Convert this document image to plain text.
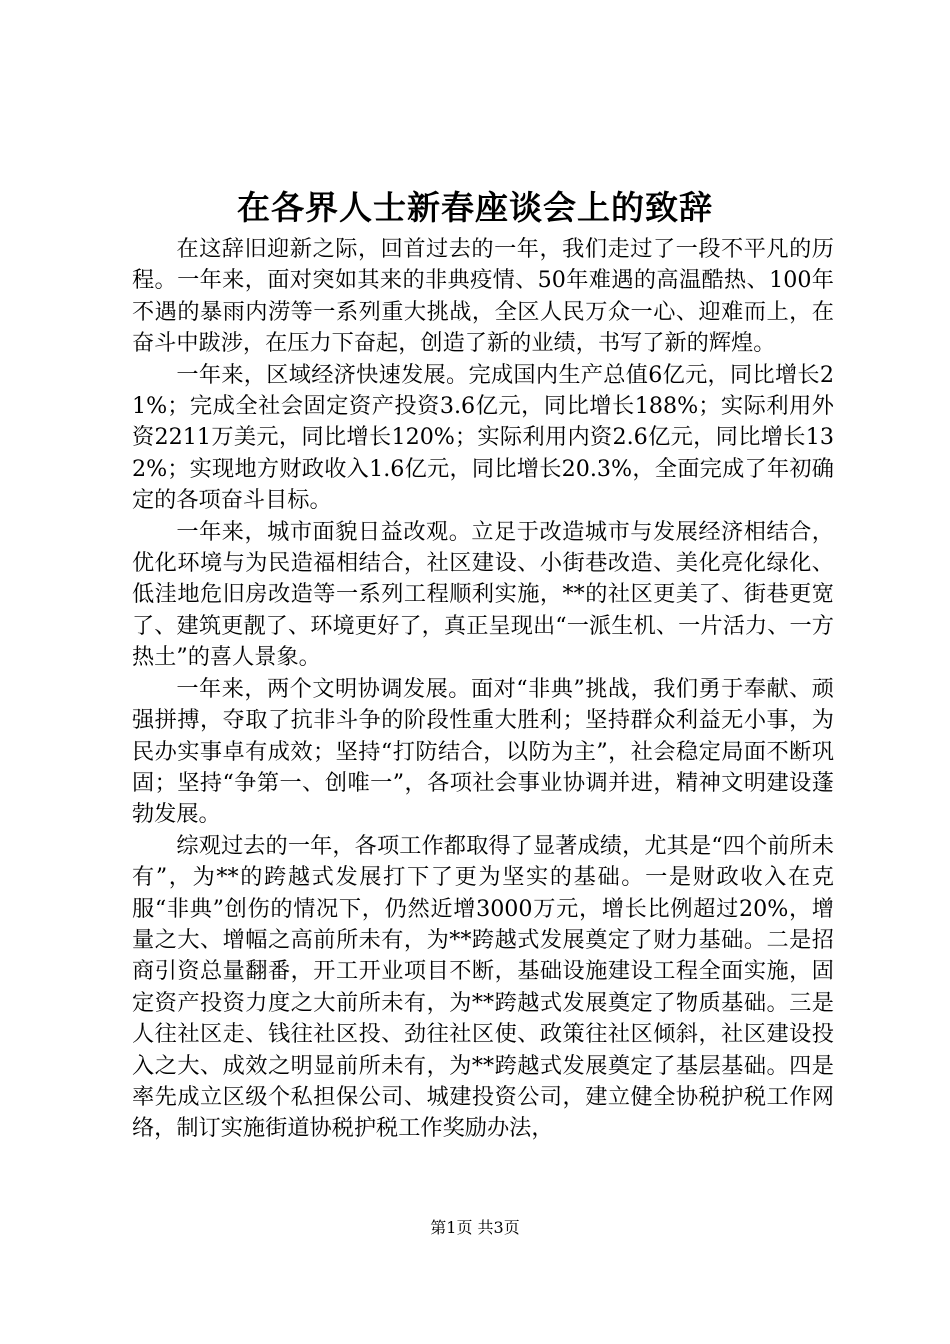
在各界人士新春座谈会上的致辞

在这辞旧迎新之际，回首过去的一年，我们走过了一段不平凡的历程。一年来，面对突如其来的非典疫情、50年难遇的高温酷热、100年不遇的暴雨内涝等一系列重大挑战，全区人民万众一心、迎难而上，在奋斗中跋涉，在压力下奋起，创造了新的业绩，书写了新的辉煌。

一年来，区域经济快速发展。完成国内生产总值6亿元，同比增长21%；完成全社会固定资产投资3.6亿元，同比增长188%；实际利用外资2211万美元，同比增长120%；实际利用内资2.6亿元，同比增长132%；实现地方财政收入1.6亿元，同比增长20.3%，全面完成了年初确定的各项奋斗目标。

一年来，城市面貌日益改观。立足于改造城市与发展经济相结合，优化环境与为民造福相结合，社区建设、小街巷改造、美化亮化绿化、低洼地危旧房改造等一系列工程顺利实施，**的社区更美了、街巷更宽了、建筑更靓了、环境更好了，真正呈现出“一派生机、一片活力、一方热土”的喜人景象。

一年来，两个文明协调发展。面对“非典”挑战，我们勇于奉献、顽强拼搏，夺取了抗非斗争的阶段性重大胜利；坚持群众利益无小事，为民办实事卓有成效；坚持“打防结合，以防为主”，社会稳定局面不断巩固；坚持“争第一、创唯一”，各项社会事业协调并进，精神文明建设蓬勃发展。

综观过去的一年，各项工作都取得了显著成绩，尤其是“四个前所未有”，为**的跨越式发展打下了更为坚实的基础。一是财政收入在克服“非典”创伤的情况下，仍然近增3000万元，增长比例超过20%，增量之大、增幅之高前所未有，为**跨越式发展奠定了财力基础。二是招商引资总量翻番，开工开业项目不断，基础设施建设工程全面实施，固定资产投资力度之大前所未有，为**跨越式发展奠定了物质基础。三是人往社区走、钱往社区投、劲往社区使、政策往社区倾斜，社区建设投入之大、成效之明显前所未有，为**跨越式发展奠定了基层基础。四是率先成立区级个私担保公司、城建投资公司，建立健全协税护税工作网络，制订实施街道协税护税工作奖励办法，

第1页 共3页
